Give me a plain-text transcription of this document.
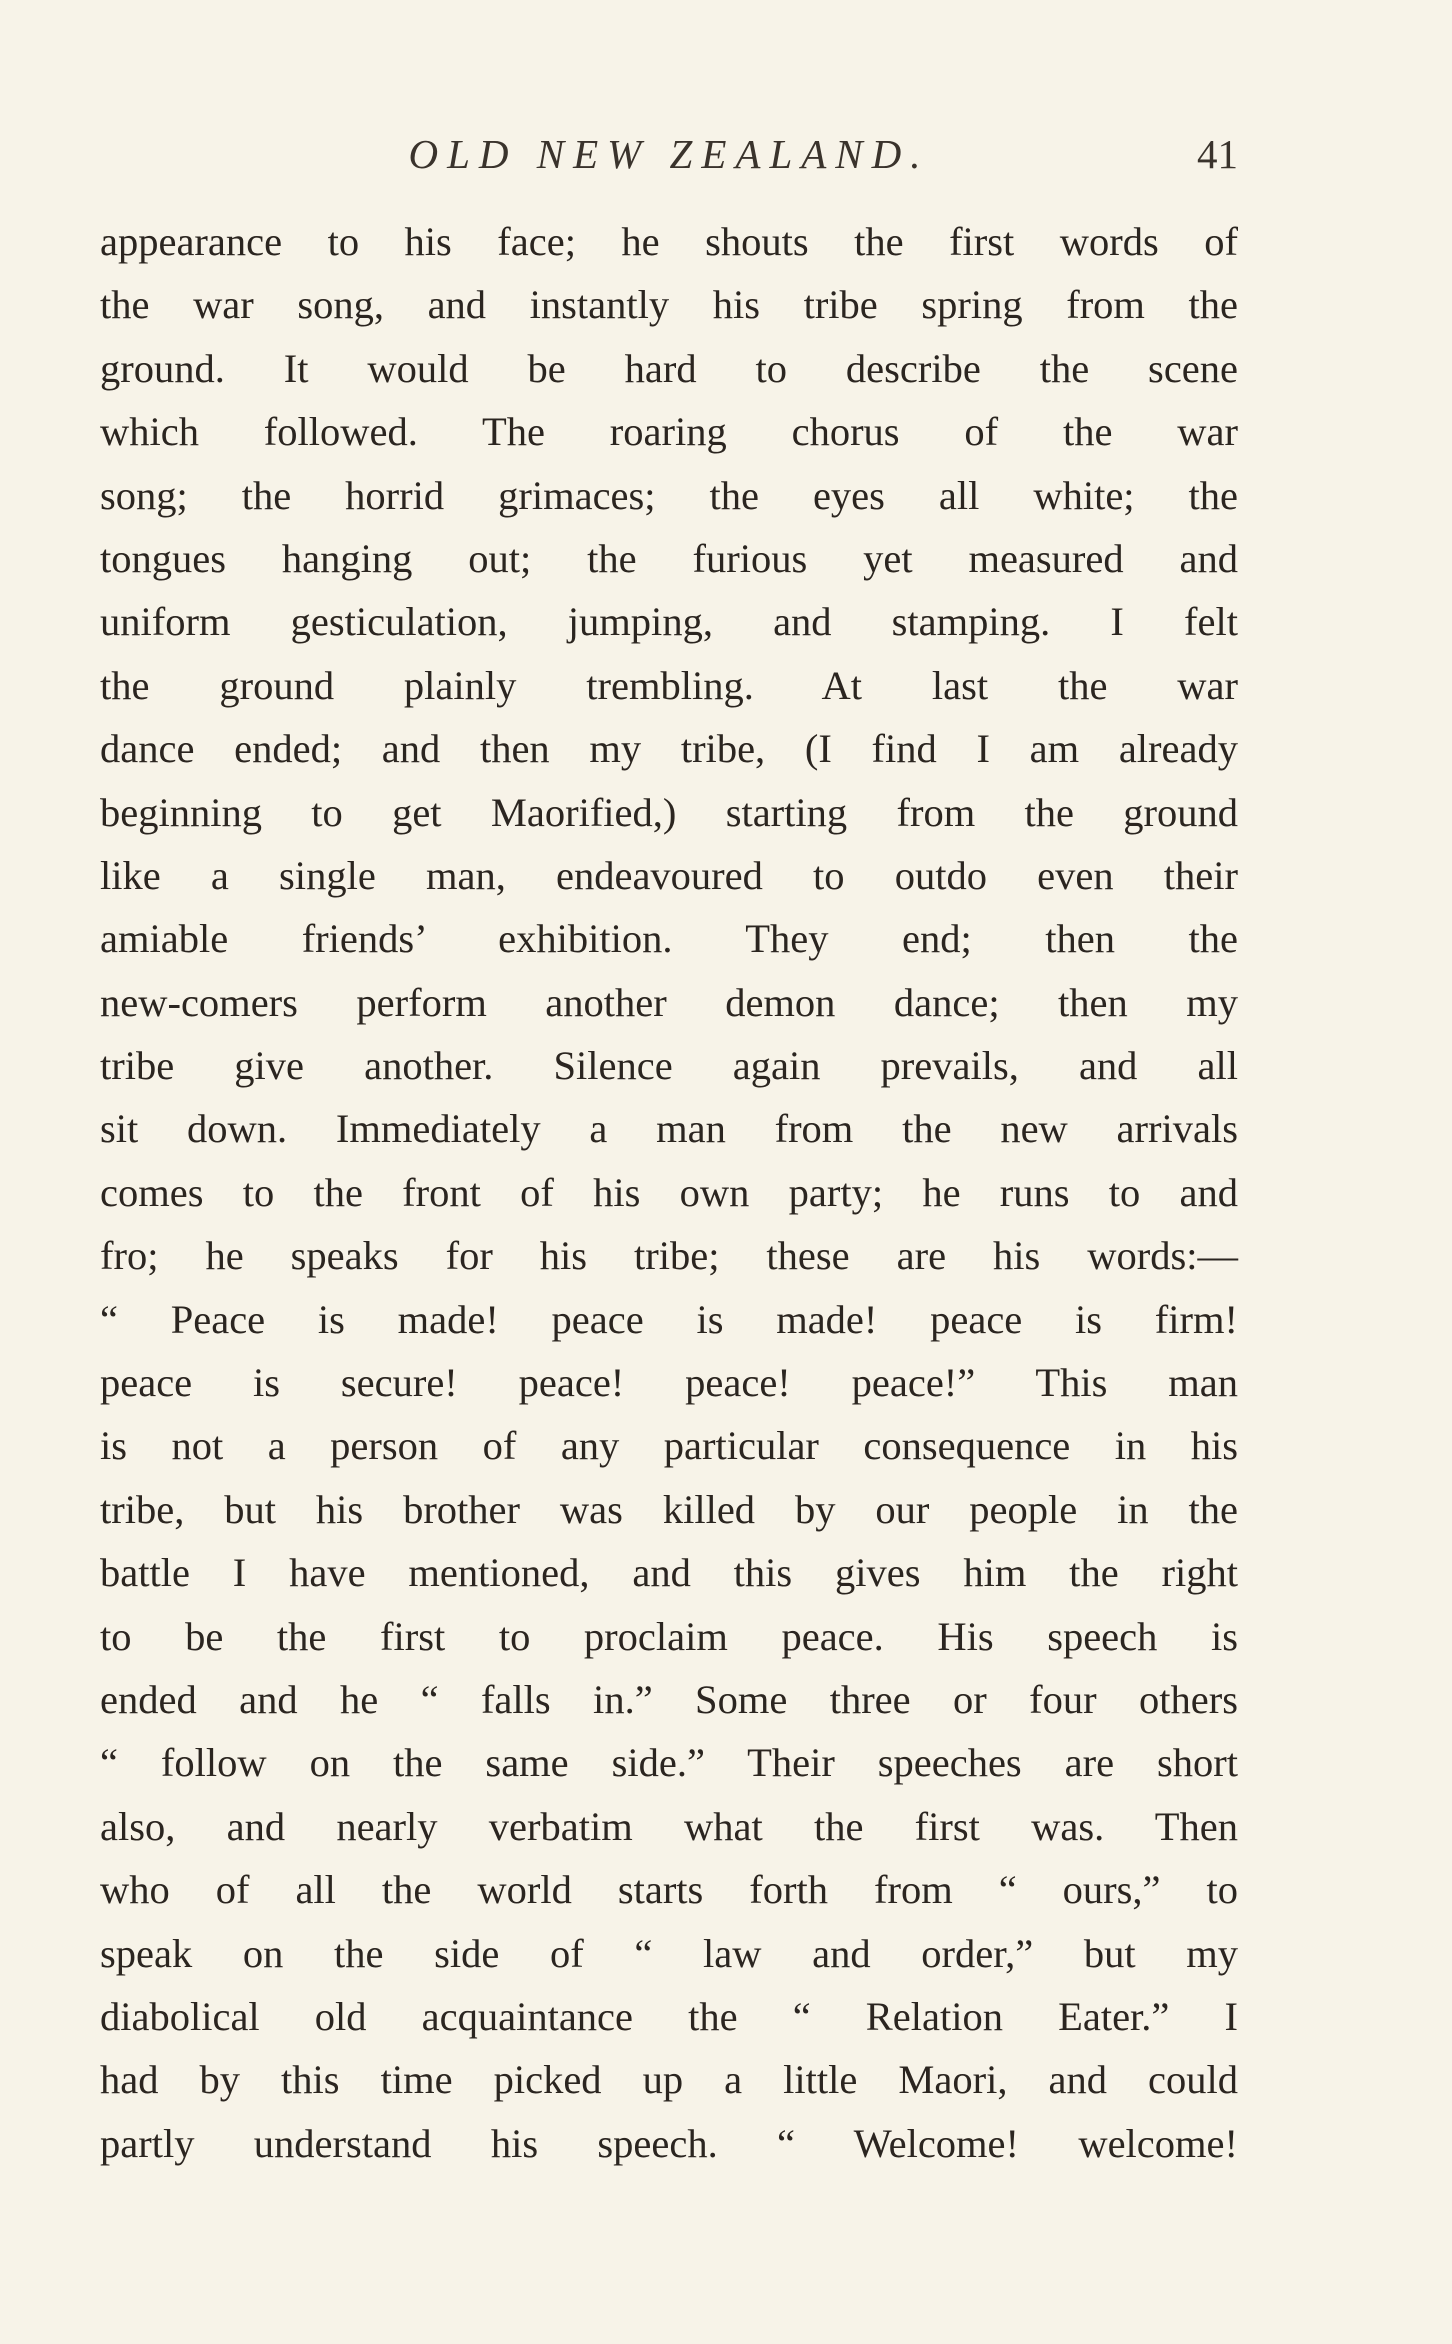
OLD NEW ZEALAND.	41
appearance to his face; he shouts the first words of
the war song, and instantly his tribe spring from the
ground. It would be hard to describe the scene
which followed. The roaring chorus of the war
song; the horrid grimaces; the eyes all white; the
tongues hanging out; the furious yet measured and
uniform gesticulation, jumping, and stamping. I felt
the ground plainly trembling. At last the war
dance ended; and then my tribe, (I find I am already
beginning to get Maorified,) starting from the ground
like a single man, endeavoured to outdo even their
amiable friends’ exhibition. They end; then the
new-comers perform another demon dance; then my
tribe give another. Silence again prevails, and all
sit down. Immediately a man from the new arrivals
comes to the front of his own party; he runs to and
fro; he speaks for his tribe; these are his words:—
“ Peace is made! peace is made! peace is firm!
peace is secure! peace! peace! peace!” This man
is not a person of any particular consequence in his
tribe, but his brother was killed by our people in the
battle I have mentioned, and this gives him the right
to be the first to proclaim peace. His speech is
ended and he “ falls in.” Some three or four others
“ follow on the same side.” Their speeches are short
also, and nearly verbatim what the first was. Then
who of all the world starts forth from “ ours,” to
speak on the side of “ law and order,” but my
diabolical old acquaintance the “ Relation Eater.” I
had by this time picked up a little Maori, and could
partly understand his speech. “ Welcome! welcome!
